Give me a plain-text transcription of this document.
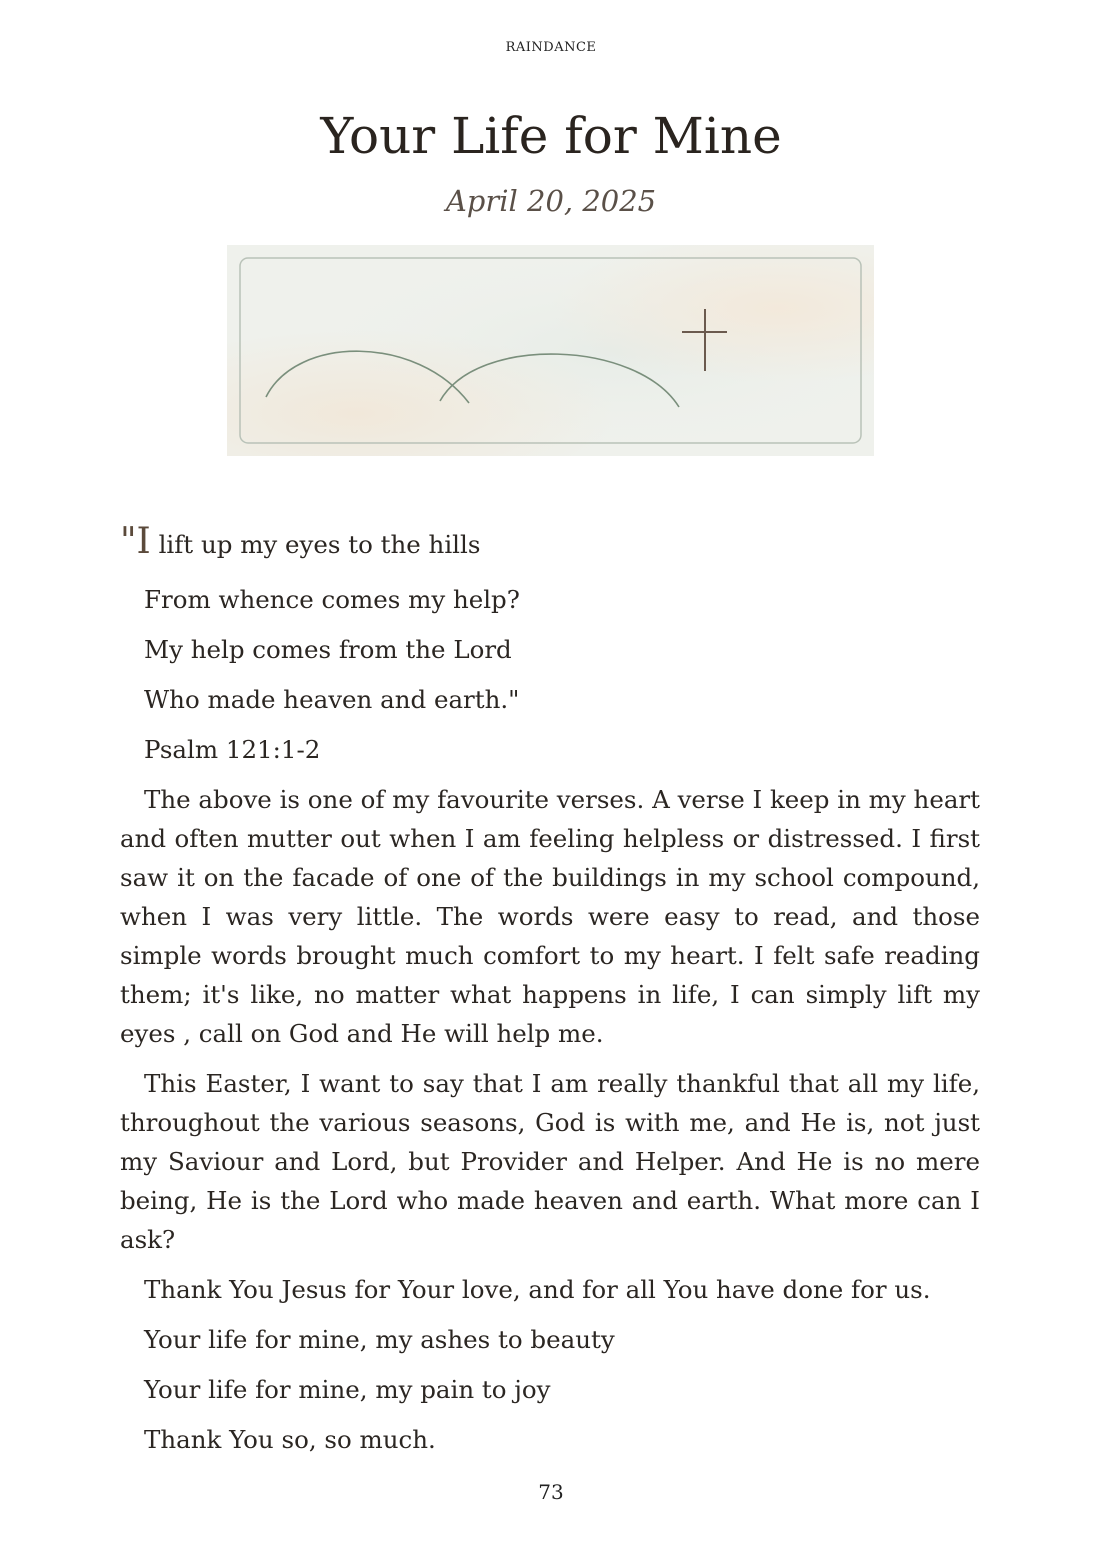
RAINDANCE
Your Life for Mine
April 20, 2025

"I lift up my eyes to the hills

From whence comes my help?

My help comes from the Lord

Who made heaven and earth."

Psalm 121:1-2

The above is one of my favourite verses. A verse I keep in my heart and often mutter out when I am feeling helpless or distressed. I first saw it on the facade of one of the buildings in my school compound, when I was very little. The words were easy to read, and those simple words brought much comfort to my heart. I felt safe reading them; it's like, no matter what happens in life, I can simply lift my eyes , call on God and He will help me.

This Easter, I want to say that I am really thankful that all my life, throughout the various seasons, God is with me, and He is, not just my Saviour and Lord, but Provider and Helper. And He is no mere being, He is the Lord who made heaven and earth. What more can I ask?

Thank You Jesus for Your love, and for all You have done for us.

Your life for mine, my ashes to beauty

Your life for mine, my pain to joy

Thank You so, so much.

73
